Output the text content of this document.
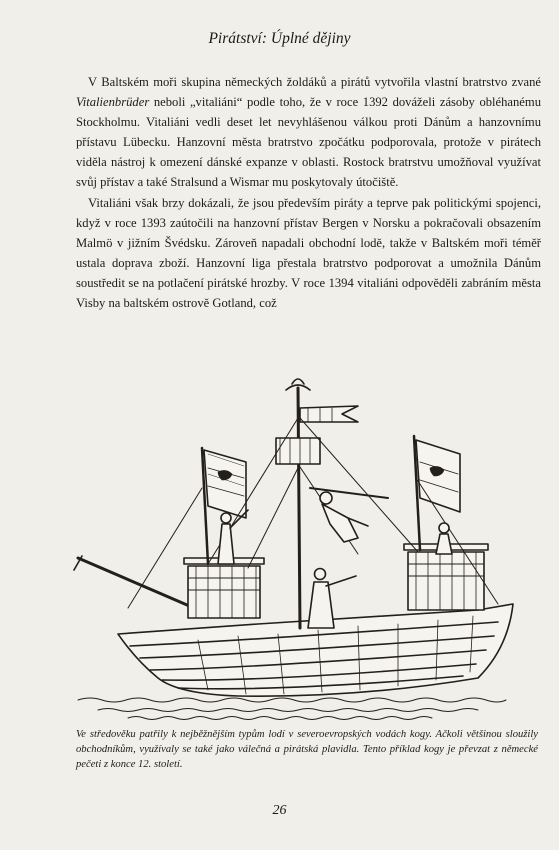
Pirátství: Úplné dějiny

V Baltském moři skupina německých žoldáků a pirátů vytvořila vlastní bratrstvo zvané Vitalienbrüder neboli „vitaliáni“ podle toho, že v roce 1392 dováželi zásoby obléhanému Stockholmu. Vitaliáni vedli deset let nevyhlášenou válkou proti Dánům a hanzovnímu přístavu Lübecku. Hanzovní města bratrstvo zpočátku podporovala, protože v pirátech viděla nástroj k omezení dánské expanze v oblasti. Rostock bratrstvu umožňoval využívat svůj přístav a také Stralsund a Wismar mu poskytovaly útočiště.

Vitaliáni však brzy dokázali, že jsou především piráty a teprve pak politickými spojenci, když v roce 1393 zaútočili na hanzovní přístav Bergen v Norsku a pokračovali obsazením Malmö v jižním Švédsku. Zároveň napadali obchodní lodě, takže v Baltském moři téměř ustala doprava zboží. Hanzovní liga přestala bratrstvo podporovat a umožnila Dánům soustředit se na potlačení pirátské hrozby. V roce 1394 vitaliáni odpověděli zabráním města Visby na baltském ostrově Gotland, což

Ve středověku patřily k nejběžnějším typům lodí v severoevropských vodách kogy. Ačkoli většinou sloužily obchodníkům, využívaly se také jako válečná a pirátská plavidla. Tento příklad kogy je převzat z německé pečeti z konce 12. století.
26
